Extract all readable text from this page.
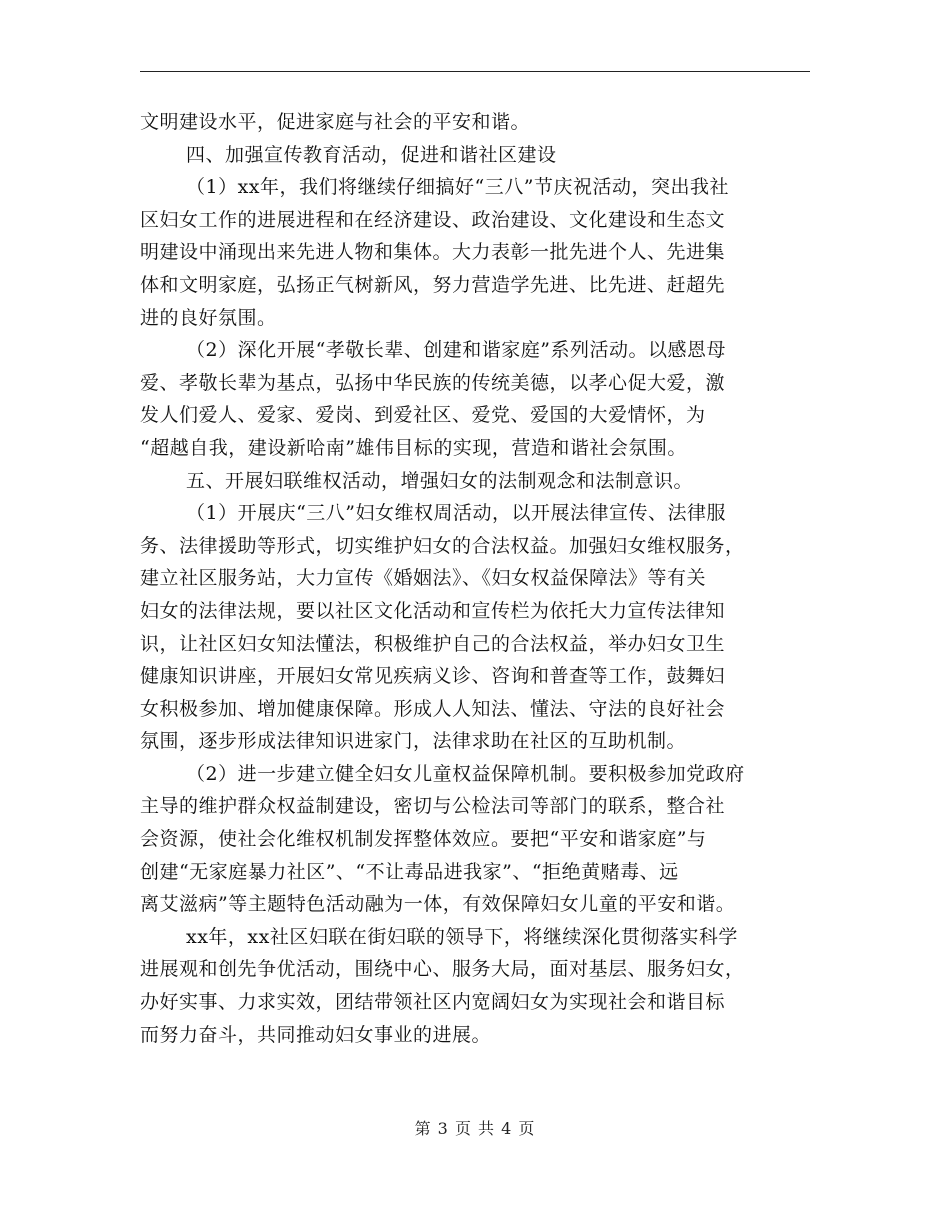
文明建设水平，促进家庭与社会的平安和谐。
四、加强宣传教育活动，促进和谐社区建设
（1）xx年，我们将继续仔细搞好“三八”节庆祝活动，突出我社
区妇女工作的进展进程和在经济建设、政治建设、文化建设和生态文
明建设中涌现出来先进人物和集体。大力表彰一批先进个人、先进集
体和文明家庭，弘扬正气树新风，努力营造学先进、比先进、赶超先
进的良好氛围。
（2）深化开展“孝敬长辈、创建和谐家庭”系列活动。以感恩母
爱、孝敬长辈为基点，弘扬中华民族的传统美德，以孝心促大爱，激
发人们爱人、爱家、爱岗、到爱社区、爱党、爱国的大爱情怀，为
“超越自我，建设新哈南”雄伟目标的实现，营造和谐社会氛围。
五、开展妇联维权活动，增强妇女的法制观念和法制意识。
（1）开展庆“三八”妇女维权周活动，以开展法律宣传、法律服
务、法律援助等形式，切实维护妇女的合法权益。加强妇女维权服务，
建立社区服务站，大力宣传《婚姻法》、《妇女权益保障法》等有关
妇女的法律法规，要以社区文化活动和宣传栏为依托大力宣传法律知
识，让社区妇女知法懂法，积极维护自己的合法权益，举办妇女卫生
健康知识讲座，开展妇女常见疾病义诊、咨询和普查等工作，鼓舞妇
女积极参加、增加健康保障。形成人人知法、懂法、守法的良好社会
氛围，逐步形成法律知识进家门，法律求助在社区的互助机制。
（2）进一步建立健全妇女儿童权益保障机制。要积极参加党政府
主导的维护群众权益制建设，密切与公检法司等部门的联系，整合社
会资源，使社会化维权机制发挥整体效应。要把“平安和谐家庭”与
创建“无家庭暴力社区”、“不让毒品进我家”、“拒绝黄赌毒、远
离艾滋病”等主题特色活动融为一体，有效保障妇女儿童的平安和谐。
xx年，xx社区妇联在街妇联的领导下，将继续深化贯彻落实科学
进展观和创先争优活动，围绕中心、服务大局，面对基层、服务妇女，
办好实事、力求实效，团结带领社区内宽阔妇女为实现社会和谐目标
而努力奋斗，共同推动妇女事业的进展。
第 3 页 共 4 页
